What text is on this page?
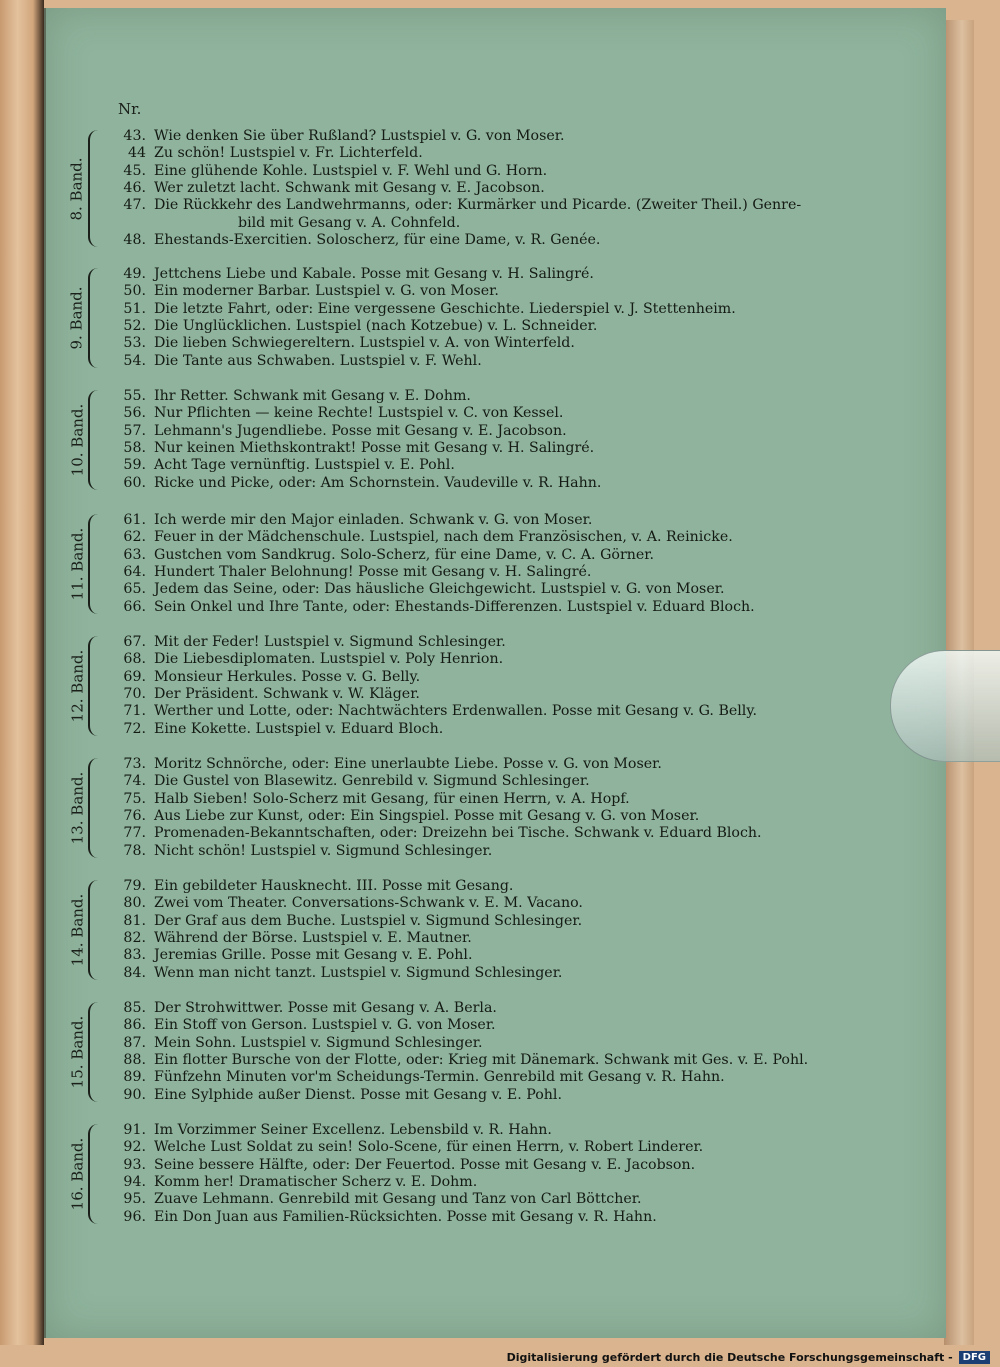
Nr.
8. Band.
43. Wie denken Sie über Rußland? Lustspiel v. G. von Moser.
44 Zu schön! Lustspiel v. Fr. Lichterfeld.
45. Eine glühende Kohle. Lustspiel v. F. Wehl und G. Horn.
46. Wer zuletzt lacht. Schwank mit Gesang v. E. Jacobson.
47. Die Rückkehr des Landwehrmanns, oder: Kurmärker und Picarde. (Zweiter Theil.) Genre-
bild mit Gesang v. A. Cohnfeld.
48. Ehestands-Exercitien. Soloscherz, für eine Dame, v. R. Genée.
9. Band.
49. Jettchens Liebe und Kabale. Posse mit Gesang v. H. Salingré.
50. Ein moderner Barbar. Lustspiel v. G. von Moser.
51. Die letzte Fahrt, oder: Eine vergessene Geschichte. Liederspiel v. J. Stettenheim.
52. Die Unglücklichen. Lustspiel (nach Kotzebue) v. L. Schneider.
53. Die lieben Schwiegereltern. Lustspiel v. A. von Winterfeld.
54. Die Tante aus Schwaben. Lustspiel v. F. Wehl.
10. Band.
55. Ihr Retter. Schwank mit Gesang v. E. Dohm.
56. Nur Pflichten — keine Rechte! Lustspiel v. C. von Kessel.
57. Lehmann's Jugendliebe. Posse mit Gesang v. E. Jacobson.
58. Nur keinen Miethskontrakt! Posse mit Gesang v. H. Salingré.
59. Acht Tage vernünftig. Lustspiel v. E. Pohl.
60. Ricke und Picke, oder: Am Schornstein. Vaudeville v. R. Hahn.
11. Band.
61. Ich werde mir den Major einladen. Schwank v. G. von Moser.
62. Feuer in der Mädchenschule. Lustspiel, nach dem Französischen, v. A. Reinicke.
63. Gustchen vom Sandkrug. Solo-Scherz, für eine Dame, v. C. A. Görner.
64. Hundert Thaler Belohnung! Posse mit Gesang v. H. Salingré.
65. Jedem das Seine, oder: Das häusliche Gleichgewicht. Lustspiel v. G. von Moser.
66. Sein Onkel und Ihre Tante, oder: Ehestands-Differenzen. Lustspiel v. Eduard Bloch.
12. Band.
67. Mit der Feder! Lustspiel v. Sigmund Schlesinger.
68. Die Liebesdiplomaten. Lustspiel v. Poly Henrion.
69. Monsieur Herkules. Posse v. G. Belly.
70. Der Präsident. Schwank v. W. Kläger.
71. Werther und Lotte, oder: Nachtwächters Erdenwallen. Posse mit Gesang v. G. Belly.
72. Eine Kokette. Lustspiel v. Eduard Bloch.
13. Band.
73. Moritz Schnörche, oder: Eine unerlaubte Liebe. Posse v. G. von Moser.
74. Die Gustel von Blasewitz. Genrebild v. Sigmund Schlesinger.
75. Halb Sieben! Solo-Scherz mit Gesang, für einen Herrn, v. A. Hopf.
76. Aus Liebe zur Kunst, oder: Ein Singspiel. Posse mit Gesang v. G. von Moser.
77. Promenaden-Bekanntschaften, oder: Dreizehn bei Tische. Schwank v. Eduard Bloch.
78. Nicht schön! Lustspiel v. Sigmund Schlesinger.
14. Band.
79. Ein gebildeter Hausknecht. III. Posse mit Gesang.
80. Zwei vom Theater. Conversations-Schwank v. E. M. Vacano.
81. Der Graf aus dem Buche. Lustspiel v. Sigmund Schlesinger.
82. Während der Börse. Lustspiel v. E. Mautner.
83. Jeremias Grille. Posse mit Gesang v. E. Pohl.
84. Wenn man nicht tanzt. Lustspiel v. Sigmund Schlesinger.
15. Band.
85. Der Strohwittwer. Posse mit Gesang v. A. Berla.
86. Ein Stoff von Gerson. Lustspiel v. G. von Moser.
87. Mein Sohn. Lustspiel v. Sigmund Schlesinger.
88. Ein flotter Bursche von der Flotte, oder: Krieg mit Dänemark. Schwank mit Ges. v. E. Pohl.
89. Fünfzehn Minuten vor'm Scheidungs-Termin. Genrebild mit Gesang v. R. Hahn.
90. Eine Sylphide außer Dienst. Posse mit Gesang v. E. Pohl.
16. Band.
91. Im Vorzimmer Seiner Excellenz. Lebensbild v. R. Hahn.
92. Welche Lust Soldat zu sein! Solo-Scene, für einen Herrn, v. Robert Linderer.
93. Seine bessere Hälfte, oder: Der Feuertod. Posse mit Gesang v. E. Jacobson.
94. Komm her! Dramatischer Scherz v. E. Dohm.
95. Zuave Lehmann. Genrebild mit Gesang und Tanz von Carl Böttcher.
96. Ein Don Juan aus Familien-Rücksichten. Posse mit Gesang v. R. Hahn.
Digitalisierung gefördert durch die Deutsche Forschungsgemeinschaft -	DFG
